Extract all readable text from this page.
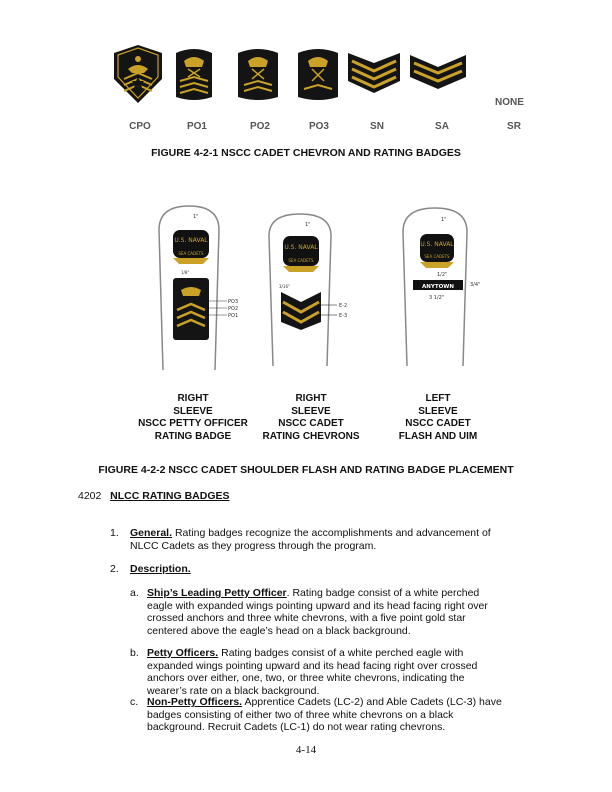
NONE
CPO	PO1	PO2	PO3	SN	SA	SR
FIGURE 4-2-1 NSCC CADET CHEVRON AND RATING BADGES
U.S. NAVAL
SEA CADETS
1"
1/8"
PO3
PO2
PO1
U.S. NAVAL
SEA CADETS
3/16"
E-2
E-3
1"
U.S. NAVAL
SEA CADETS
1"
1/2"
ANYTOWN	3/4"
3 1/2"
RIGHT
SLEEVE
NSCC PETTY OFFICER
RATING BADGE
RIGHT
SLEEVE
NSCC CADET
RATING CHEVRONS
LEFT
SLEEVE
NSCC CADET
FLASH AND UIM
FIGURE 4-2-2 NSCC CADET SHOULDER FLASH AND RATING BADGE PLACEMENT
4202 NLCC RATING BADGES
1. General. Rating badges recognize the accomplishments and advancement of
NLCC Cadets as they progress through the program.
2. Description.
a. Ship’s Leading Petty Officer. Rating badge consist of a white perched
eagle with expanded wings pointing upward and its head facing right over
crossed anchors and three white chevrons, with a five point gold star
centered above the eagle’s head on a black background.
b. Petty Officers. Rating badges consist of a white perched eagle with
expanded wings pointing upward and its head facing right over crossed
anchors over either, one, two, or three white chevrons, indicating the
wearer’s rate on a black background.
c. Non-Petty Officers. Apprentice Cadets (LC-2) and Able Cadets (LC-3) have
badges consisting of either two of three white chevrons on a black
background. Recruit Cadets (LC-1) do not wear rating chevrons.
4-14
